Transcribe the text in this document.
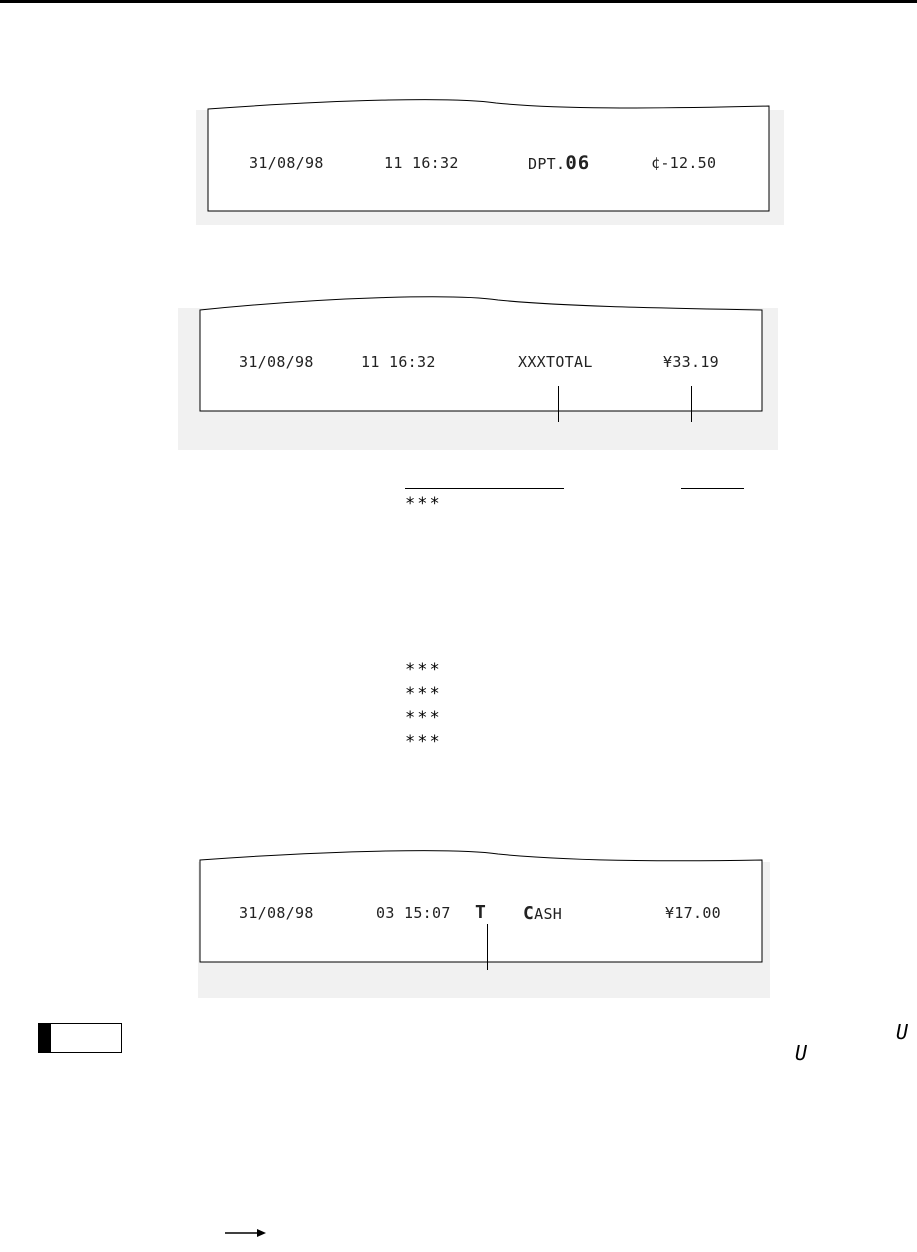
31/08/98	11 16:32	DPT.06	¢-12.50
31/08/98	11 16:32	XXXTOTAL	¥33.19
***
***
***
***
***
31/08/98	03 15:07 T CASH	¥17.00
U
U
